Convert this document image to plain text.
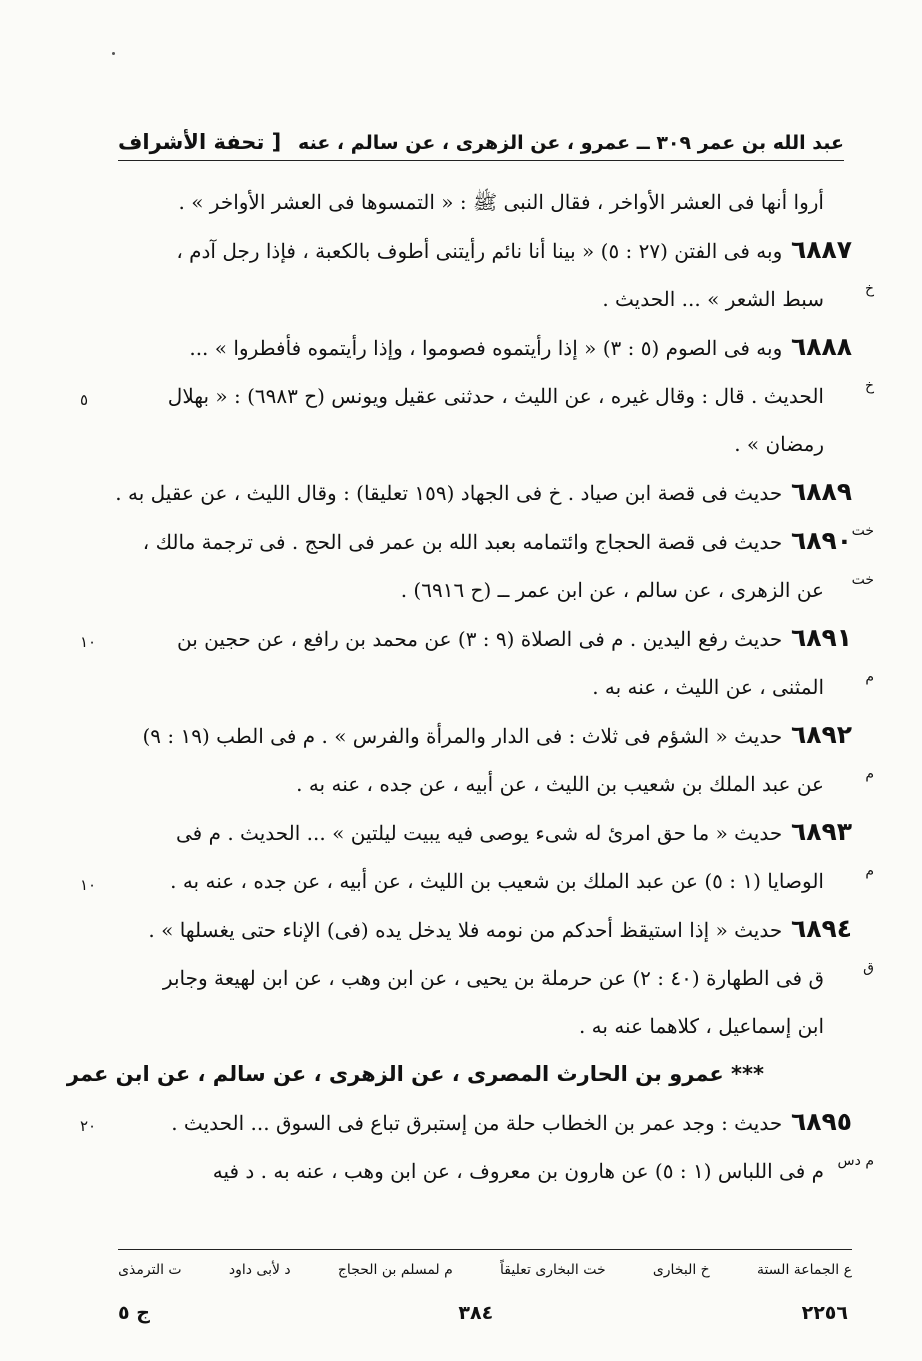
عبد الله بن عمر ٣٠٩ ــ عمرو ، عن الزهرى ، عن سالم ، عنه
[ تحفة الأشراف
أروا أنها فى العشر الأواخر ، فقال النبى ﷺ : « التمسوها فى العشر الأواخر » .
٦٨٨٧ وبه فى الفتن (٢٧ : ٥) « بينا أنا نائم رأيتنى أطوف بالكعبة ، فإذا رجل آدم ،
سبط الشعر » ... الحديث .	خ
٦٨٨٨ وبه فى الصوم (٥ : ٣) « إذا رأيتموه فصوموا ، وإذا رأيتموه فأفطروا » ...
الحديث . قال : وقال غيره ، عن الليث ، حدثنى عقيل ويونس (ح ٦٩٨٣) : « بهلال	خ
٥
رمضان » .
٦٨٨٩ حديث فى قصة ابن صياد . خ فى الجهاد (١٥٩ تعليقا) : وقال الليث ، عن عقيل به .
٦٨٩٠ حديث فى قصة الحجاج وائتمامه بعبد الله بن عمر فى الحج . فى ترجمة مالك ،	خت
عن الزهرى ، عن سالم ، عن ابن عمر ــ (ح ٦٩١٦) . خت
٦٨٩١ حديث رفع اليدين . م فى الصلاة (٩ : ٣) عن محمد بن رافع ، عن حجين بن
١٠
المثنى ، عن الليث ، عنه به .	م
٦٨٩٢ حديث « الشؤم فى ثلاث : فى الدار والمرأة والفرس » . م فى الطب (١٩ : ٩)
عن عبد الملك بن شعيب بن الليث ، عن أبيه ، عن جده ، عنه به .	م
٦٨٩٣ حديث « ما حق امرئ له شىء يوصى فيه يبيت ليلتين » ... الحديث . م فى
الوصايا (١ : ٥) عن عبد الملك بن شعيب بن الليث ، عن أبيه ، عن جده ، عنه به .	م
١٠
٦٨٩٤ حديث « إذا استيقظ أحدكم من نومه فلا يدخل يده (فى) الإناء حتى يغسلها » .
ق فى الطهارة (٤٠ : ٢) عن حرملة بن يحيى ، عن ابن وهب ، عن ابن لهيعة وجابر	ق
ابن إسماعيل ، كلاهما عنه به .
*** عمرو بن الحارث المصرى ، عن الزهرى ، عن سالم ، عن ابن عمر
٦٨٩٥ حديث : وجد عمر بن الخطاب حلة من إستبرق تباع فى السوق ... الحديث .
٢٠
م فى اللباس (١ : ٥) عن هارون بن معروف ، عن ابن وهب ، عنه به . د فيه م دس
ع الجماعة الستة
خ البخارى
خت البخارى تعليقاً
م لمسلم بن الحجاج
د لأبى داود
ت الترمذى
٢٢٥٦
٣٨٤
ج ٥
